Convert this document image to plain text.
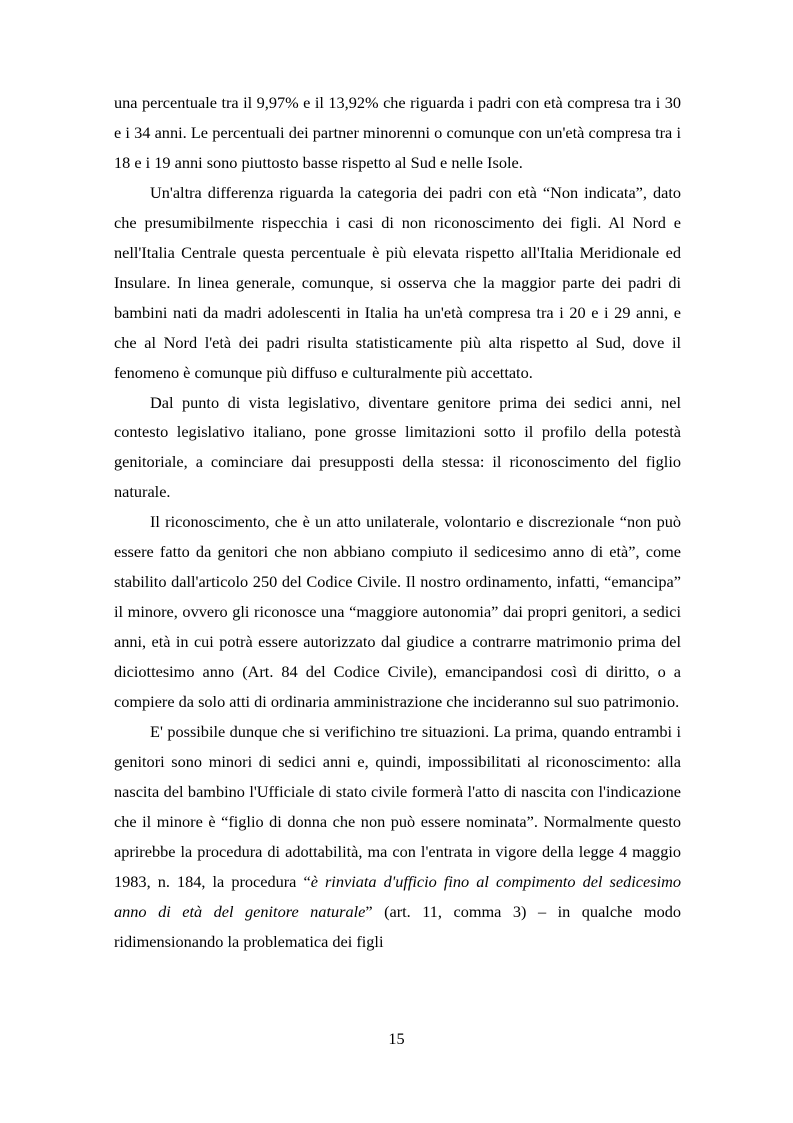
una percentuale tra il 9,97% e il 13,92% che riguarda i padri con età compresa tra i 30 e i 34 anni. Le percentuali dei partner minorenni o comunque con un'età compresa tra i 18 e i 19 anni sono piuttosto basse rispetto al Sud e nelle Isole.

Un'altra differenza riguarda la categoria dei padri con età “Non indicata”, dato che presumibilmente rispecchia i casi di non riconoscimento dei figli. Al Nord e nell'Italia Centrale questa percentuale è più elevata rispetto all'Italia Meridionale ed Insulare. In linea generale, comunque, si osserva che la maggior parte dei padri di bambini nati da madri adolescenti in Italia ha un'età compresa tra i 20 e i 29 anni, e che al Nord l'età dei padri risulta statisticamente più alta rispetto al Sud, dove il fenomeno è comunque più diffuso e culturalmente più accettato.

Dal punto di vista legislativo, diventare genitore prima dei sedici anni, nel contesto legislativo italiano, pone grosse limitazioni sotto il profilo della potestà genitoriale, a cominciare dai presupposti della stessa: il riconoscimento del figlio naturale.

Il riconoscimento, che è un atto unilaterale, volontario e discrezionale “non può essere fatto da genitori che non abbiano compiuto il sedicesimo anno di età”, come stabilito dall'articolo 250 del Codice Civile. Il nostro ordinamento, infatti, “emancipa” il minore, ovvero gli riconosce una “maggiore autonomia” dai propri genitori, a sedici anni, età in cui potrà essere autorizzato dal giudice a contrarre matrimonio prima del diciottesimo anno (Art. 84 del Codice Civile), emancipandosi così di diritto, o a compiere da solo atti di ordinaria amministrazione che incideranno sul suo patrimonio.

E' possibile dunque che si verifichino tre situazioni. La prima, quando entrambi i genitori sono minori di sedici anni e, quindi, impossibilitati al riconoscimento: alla nascita del bambino l'Ufficiale di stato civile formerà l'atto di nascita con l'indicazione che il minore è “figlio di donna che non può essere nominata”. Normalmente questo aprirebbe la procedura di adottabilità, ma con l'entrata in vigore della legge 4 maggio 1983, n. 184, la procedura “è rinviata d'ufficio fino al compimento del sedicesimo anno di età del genitore naturale” (art. 11, comma 3) – in qualche modo ridimensionando la problematica dei figli

15
